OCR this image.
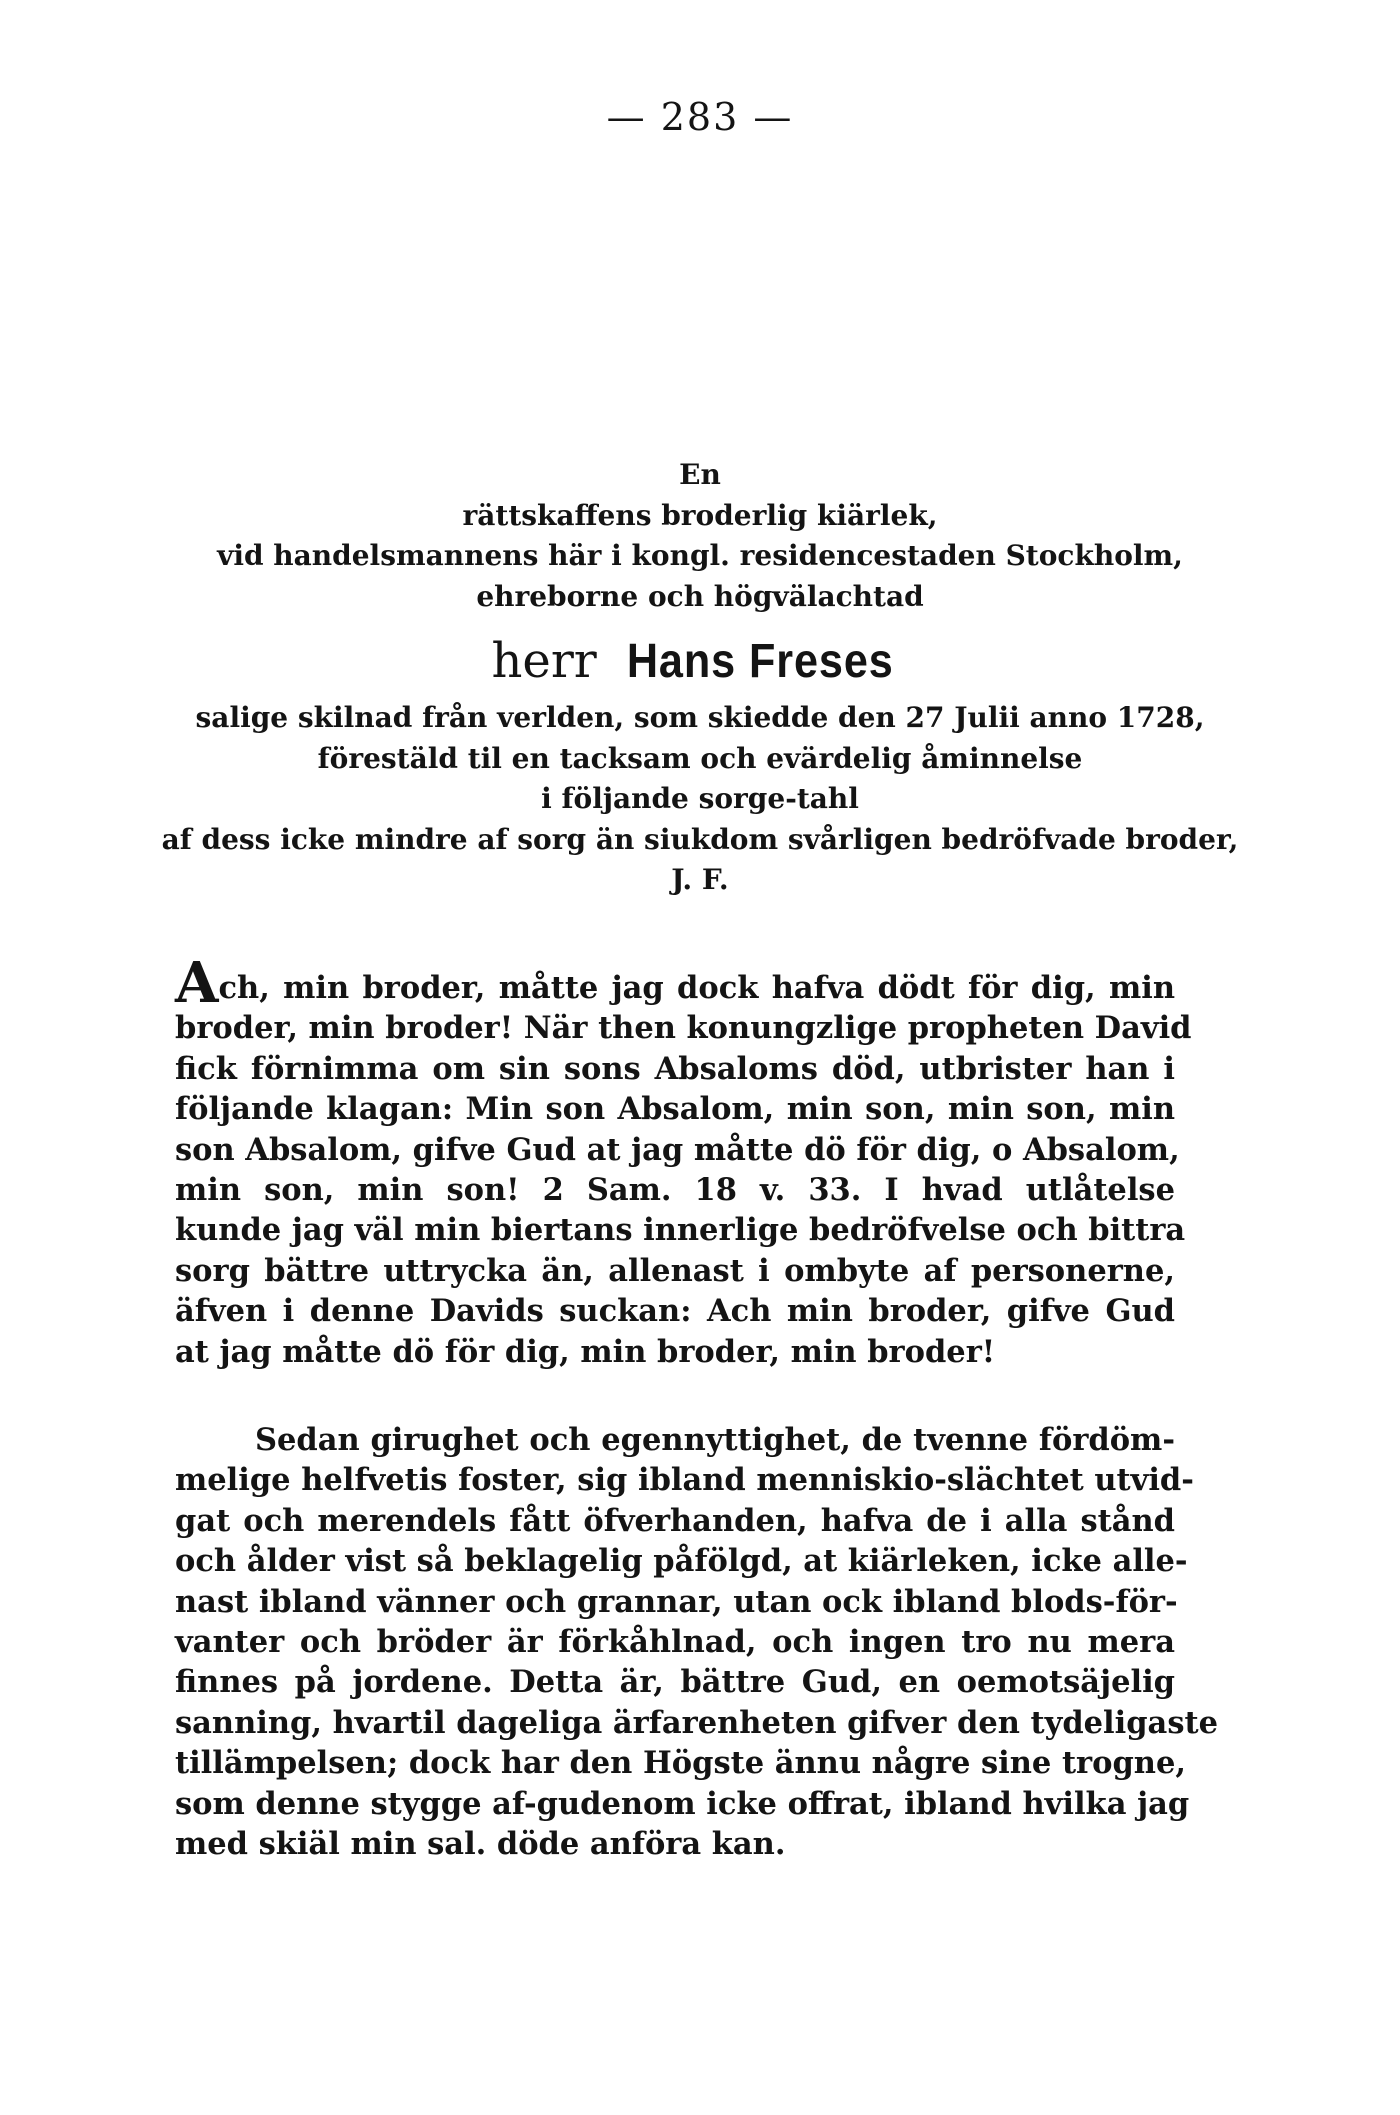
— 283 —
En
rättskaffens broderlig kiärlek,
vid handelsmannens här i kongl. residencestaden Stockholm,
ehreborne och högvälachtad
herr Hans Freses
salige skilnad från verlden, som skiedde den 27 Julii anno 1728,
förestäld til en tacksam och evärdelig åminnelse
i följande sorge-tahl
af dess icke mindre af sorg än siukdom svårligen bedröfvade broder,
J. F.
Ach, min broder, måtte jag dock hafva dödt för dig, min
broder, min broder! När then konungzlige propheten David
fick förnimma om sin sons Absaloms död, utbrister han i
följande klagan: Min son Absalom, min son, min son, min
son Absalom, gifve Gud at jag måtte dö för dig, o Absalom,
min son, min son! 2 Sam. 18 v. 33. I hvad utlåtelse
kunde jag väl min biertans innerlige bedröfvelse och bittra
sorg bättre uttrycka än, allenast i ombyte af personerne,
äfven i denne Davids suckan: Ach min broder, gifve Gud
at jag måtte dö för dig, min broder, min broder!
Sedan girughet och egennyttighet, de tvenne fördöm-
melige helfvetis foster, sig ibland menniskio-slächtet utvid-
gat och merendels fått öfverhanden, hafva de i alla stånd
och ålder vist så beklagelig påfölgd, at kiärleken, icke alle-
nast ibland vänner och grannar, utan ock ibland blods-för-
vanter och bröder är förkåhlnad, och ingen tro nu mera
finnes på jordene. Detta är, bättre Gud, en oemotsäjelig
sanning, hvartil dageliga ärfarenheten gifver den tydeligaste
tillämpelsen; dock har den Högste ännu någre sine trogne,
som denne stygge af-gudenom icke offrat, ibland hvilka jag
med skiäl min sal. döde anföra kan.
